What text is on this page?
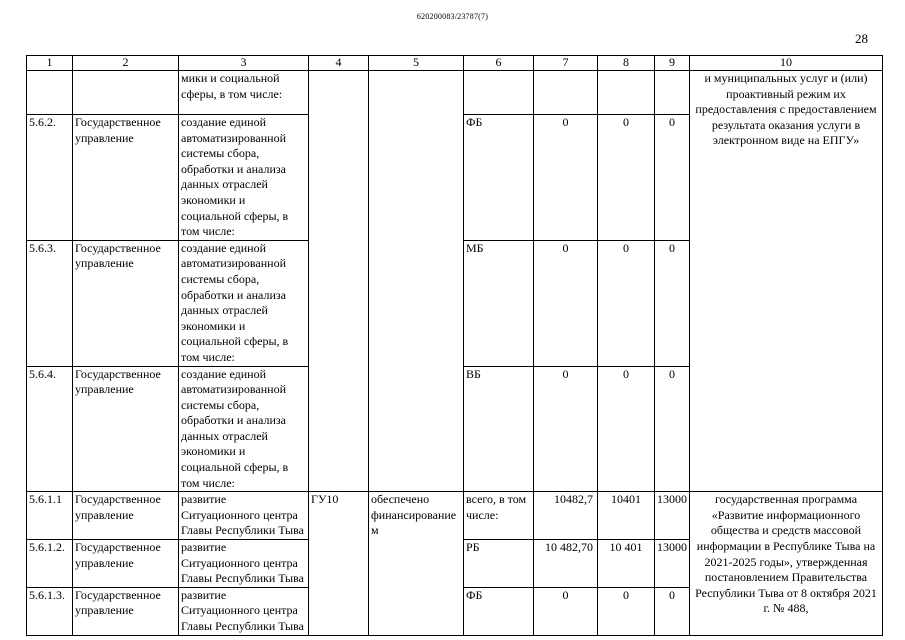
620200083/23787(7)
28
1	2	3	4	5	6	7	8	9	10
		мики и социальной сферы, в том числе:							и муниципальных услуг и (или) проактивный режим их предоставления с предоставлением результата оказания услуги в электронном виде на ЕПГУ»
5.6.2.	Государственное управление	создание единой автоматизированной системы сбора, обработки и анализа данных отраслей экономики и социальной сферы, в том числе:			ФБ	0	0	0	
5.6.3.	Государственное управление	создание единой автоматизированной системы сбора, обработки и анализа данных отраслей экономики и социальной сферы, в том числе:			МБ	0	0	0	
5.6.4.	Государственное управление	создание единой автоматизированной системы сбора, обработки и анализа данных отраслей экономики и социальной сферы, в том числе:			ВБ	0	0	0	
5.6.1.1	Государственное управление	развитие Ситуационного центра Главы Республики Тыва	ГУ10	обеспечено финансированием	всего, в том числе:	10482,7	10401	13000	государственная программа «Развитие информационного общества и средств массовой информации в Республике Тыва на 2021-2025 годы», утвержденная постановлением Правительства Республики Тыва от 8 октября 2021 г. № 488,
5.6.1.2.	Государственное управление	развитие Ситуационного центра Главы Республики Тыва			РБ	10 482,70	10 401	13000	
5.6.1.3.	Государственное управление	развитие Ситуационного центра Главы Республики Тыва			ФБ	0	0	0	
